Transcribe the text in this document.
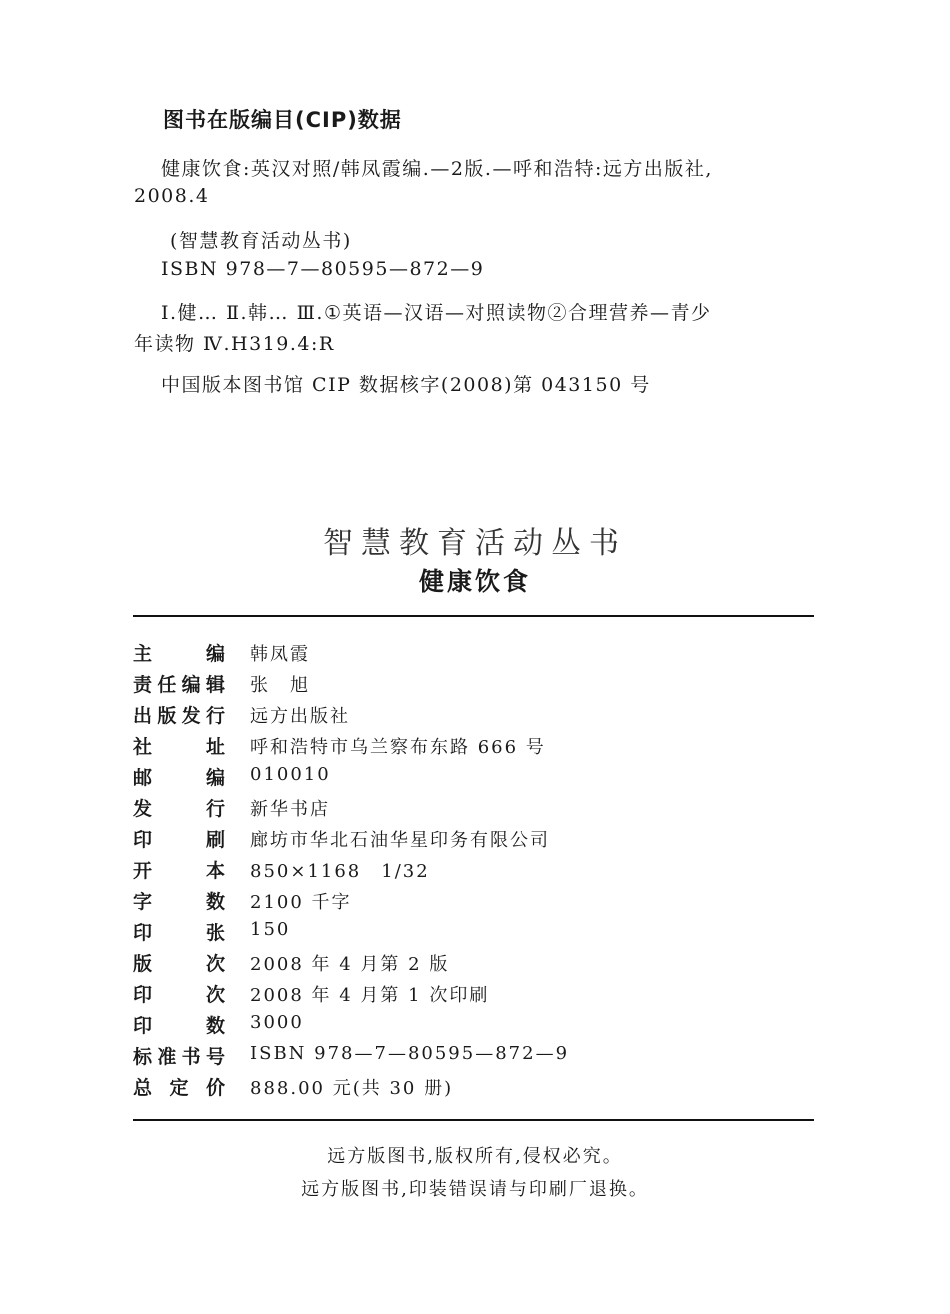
图书在版编目(CIP)数据
健康饮食:英汉对照/韩凤霞编.—2版.—呼和浩特:远方出版社,
2008.4
(智慧教育活动丛书)
ISBN 978—7—80595—872—9
Ⅰ.健… Ⅱ.韩… Ⅲ.①英语—汉语—对照读物②合理营养—青少
年读物 Ⅳ.H319.4:R
中国版本图书馆 CIP 数据核字(2008)第 043150 号
智慧教育活动丛书
健康饮食
主	编 韩凤霞
责 任 编 辑 张　旭
出 版 发 行 远方出版社
社	址 呼和浩特市乌兰察布东路 666 号
邮	编 010010
发	行 新华书店
印	刷 廊坊市华北石油华星印务有限公司
开	本 850×1168　1/32
字	数 2100 千字
印	张 150
版	次 2008 年 4 月第 2 版
印	次 2008 年 4 月第 1 次印刷
印	数 3000
标 准 书 号 ISBN 978—7—80595—872—9
总 定 价 888.00 元(共 30 册)
远方版图书,版权所有,侵权必究。
远方版图书,印装错误请与印刷厂退换。
